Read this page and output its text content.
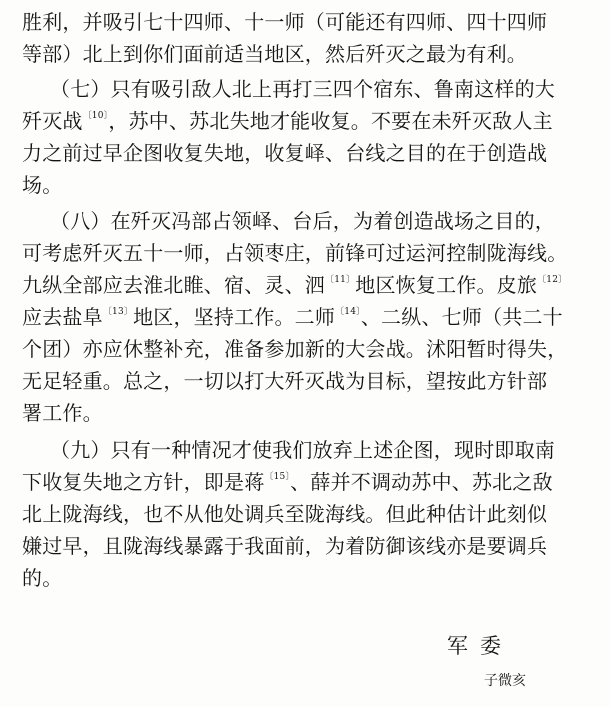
胜利，并吸引七十四师、十一师（可能还有四师、四十四师
等部）北上到你们面前适当地区，然后歼灭之最为有利。
（七）只有吸引敌人北上再打三四个宿东、鲁南这样的大
歼灭战$^{〔10〕}$，苏中、苏北失地才能收复。不要在未歼灭敌人主
力之前过早企图收复失地，收复峄、台线之目的在于创造战
场。
（八）在歼灭冯部占领峄、台后，为着创造战场之目的，
可考虑歼灭五十一师，占领枣庄，前锋可过运河控制陇海线。
九纵全部应去淮北睢、宿、灵、泗$^{〔11〕}$地区恢复工作。皮旅$^{〔12〕}$
应去盐阜$^{〔13〕}$地区，坚持工作。二师$^{〔14〕}$、二纵、七师（共二十
个团）亦应休整补充，准备参加新的大会战。沭阳暂时得失，
无足轻重。总之，一切以打大歼灭战为目标，望按此方针部
署工作。
（九）只有一种情况才使我们放弃上述企图，现时即取南
下收复失地之方针，即是蒋$^{〔15〕}$、薛并不调动苏中、苏北之敌
北上陇海线，也不从他处调兵至陇海线。但此种估计此刻似
嫌过早，且陇海线暴露于我面前，为着防御该线亦是要调兵
的。
军委
子微亥
